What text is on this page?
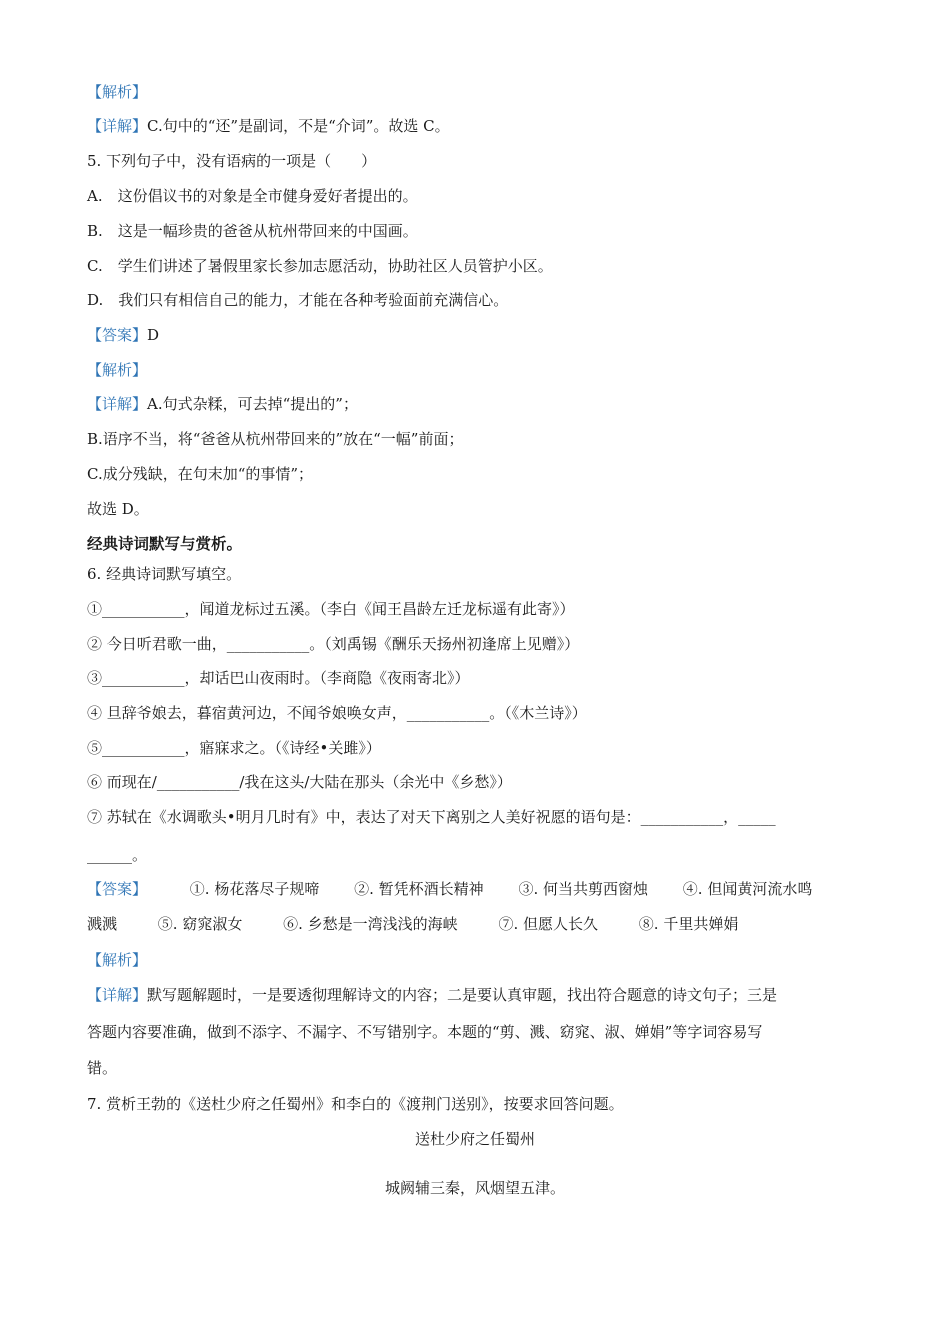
【解析】
【详解】C.句中的“还”是副词，不是“介词”。故选 C。
5. 下列句子中，没有语病的一项是（　　）
A.　这份倡议书的对象是全市健身爱好者提出的。
B.　这是一幅珍贵的爸爸从杭州带回来的中国画。
C.　学生们讲述了暑假里家长参加志愿活动，协助社区人员管护小区。
D.　我们只有相信自己的能力，才能在各种考验面前充满信心。
【答案】D
【解析】
【详解】A.句式杂糅，可去掉“提出的”；
B.语序不当，将“爸爸从杭州带回来的”放在“一幅”前面；
C.成分残缺，在句末加“的事情”；
故选 D。
经典诗词默写与赏析。
6. 经典诗词默写填空。
①___________，闻道龙标过五溪。（李白《闻王昌龄左迁龙标遥有此寄》）
② 今日听君歌一曲，___________。（刘禹锡《酬乐天扬州初逢席上见赠》）
③___________，却话巴山夜雨时。（李商隐《夜雨寄北》）
④ 旦辞爷娘去，暮宿黄河边，不闻爷娘唤女声，___________。（《木兰诗》）
⑤___________，寤寐求之。（《诗经•关雎》）
⑥ 而现在/___________/我在这头/大陆在那头（余光中《乡愁》）
⑦ 苏轼在《水调歌头•明月几时有》中，表达了对天下离别之人美好祝愿的语句是：___________，_____
______。
【答案】	①. 杨花落尽子规啼 ②. 暂凭杯酒长精神 ③. 何当共剪西窗烛 ④. 但闻黄河流水鸣
溅溅	⑤. 窈窕淑女	⑥. 乡愁是一湾浅浅的海峡	⑦. 但愿人长久	⑧. 千里共婵娟
【解析】
【详解】默写题解题时，一是要透彻理解诗文的内容；二是要认真审题，找出符合题意的诗文句子；三是
答题内容要准确，做到不添字、不漏字、不写错别字。本题的“剪、溅、窈窕、淑、婵娟”等字词容易写
错。
7. 赏析王勃的《送杜少府之任蜀州》和李白的《渡荆门送别》，按要求回答问题。
送杜少府之任蜀州
城阙辅三秦，风烟望五津。
